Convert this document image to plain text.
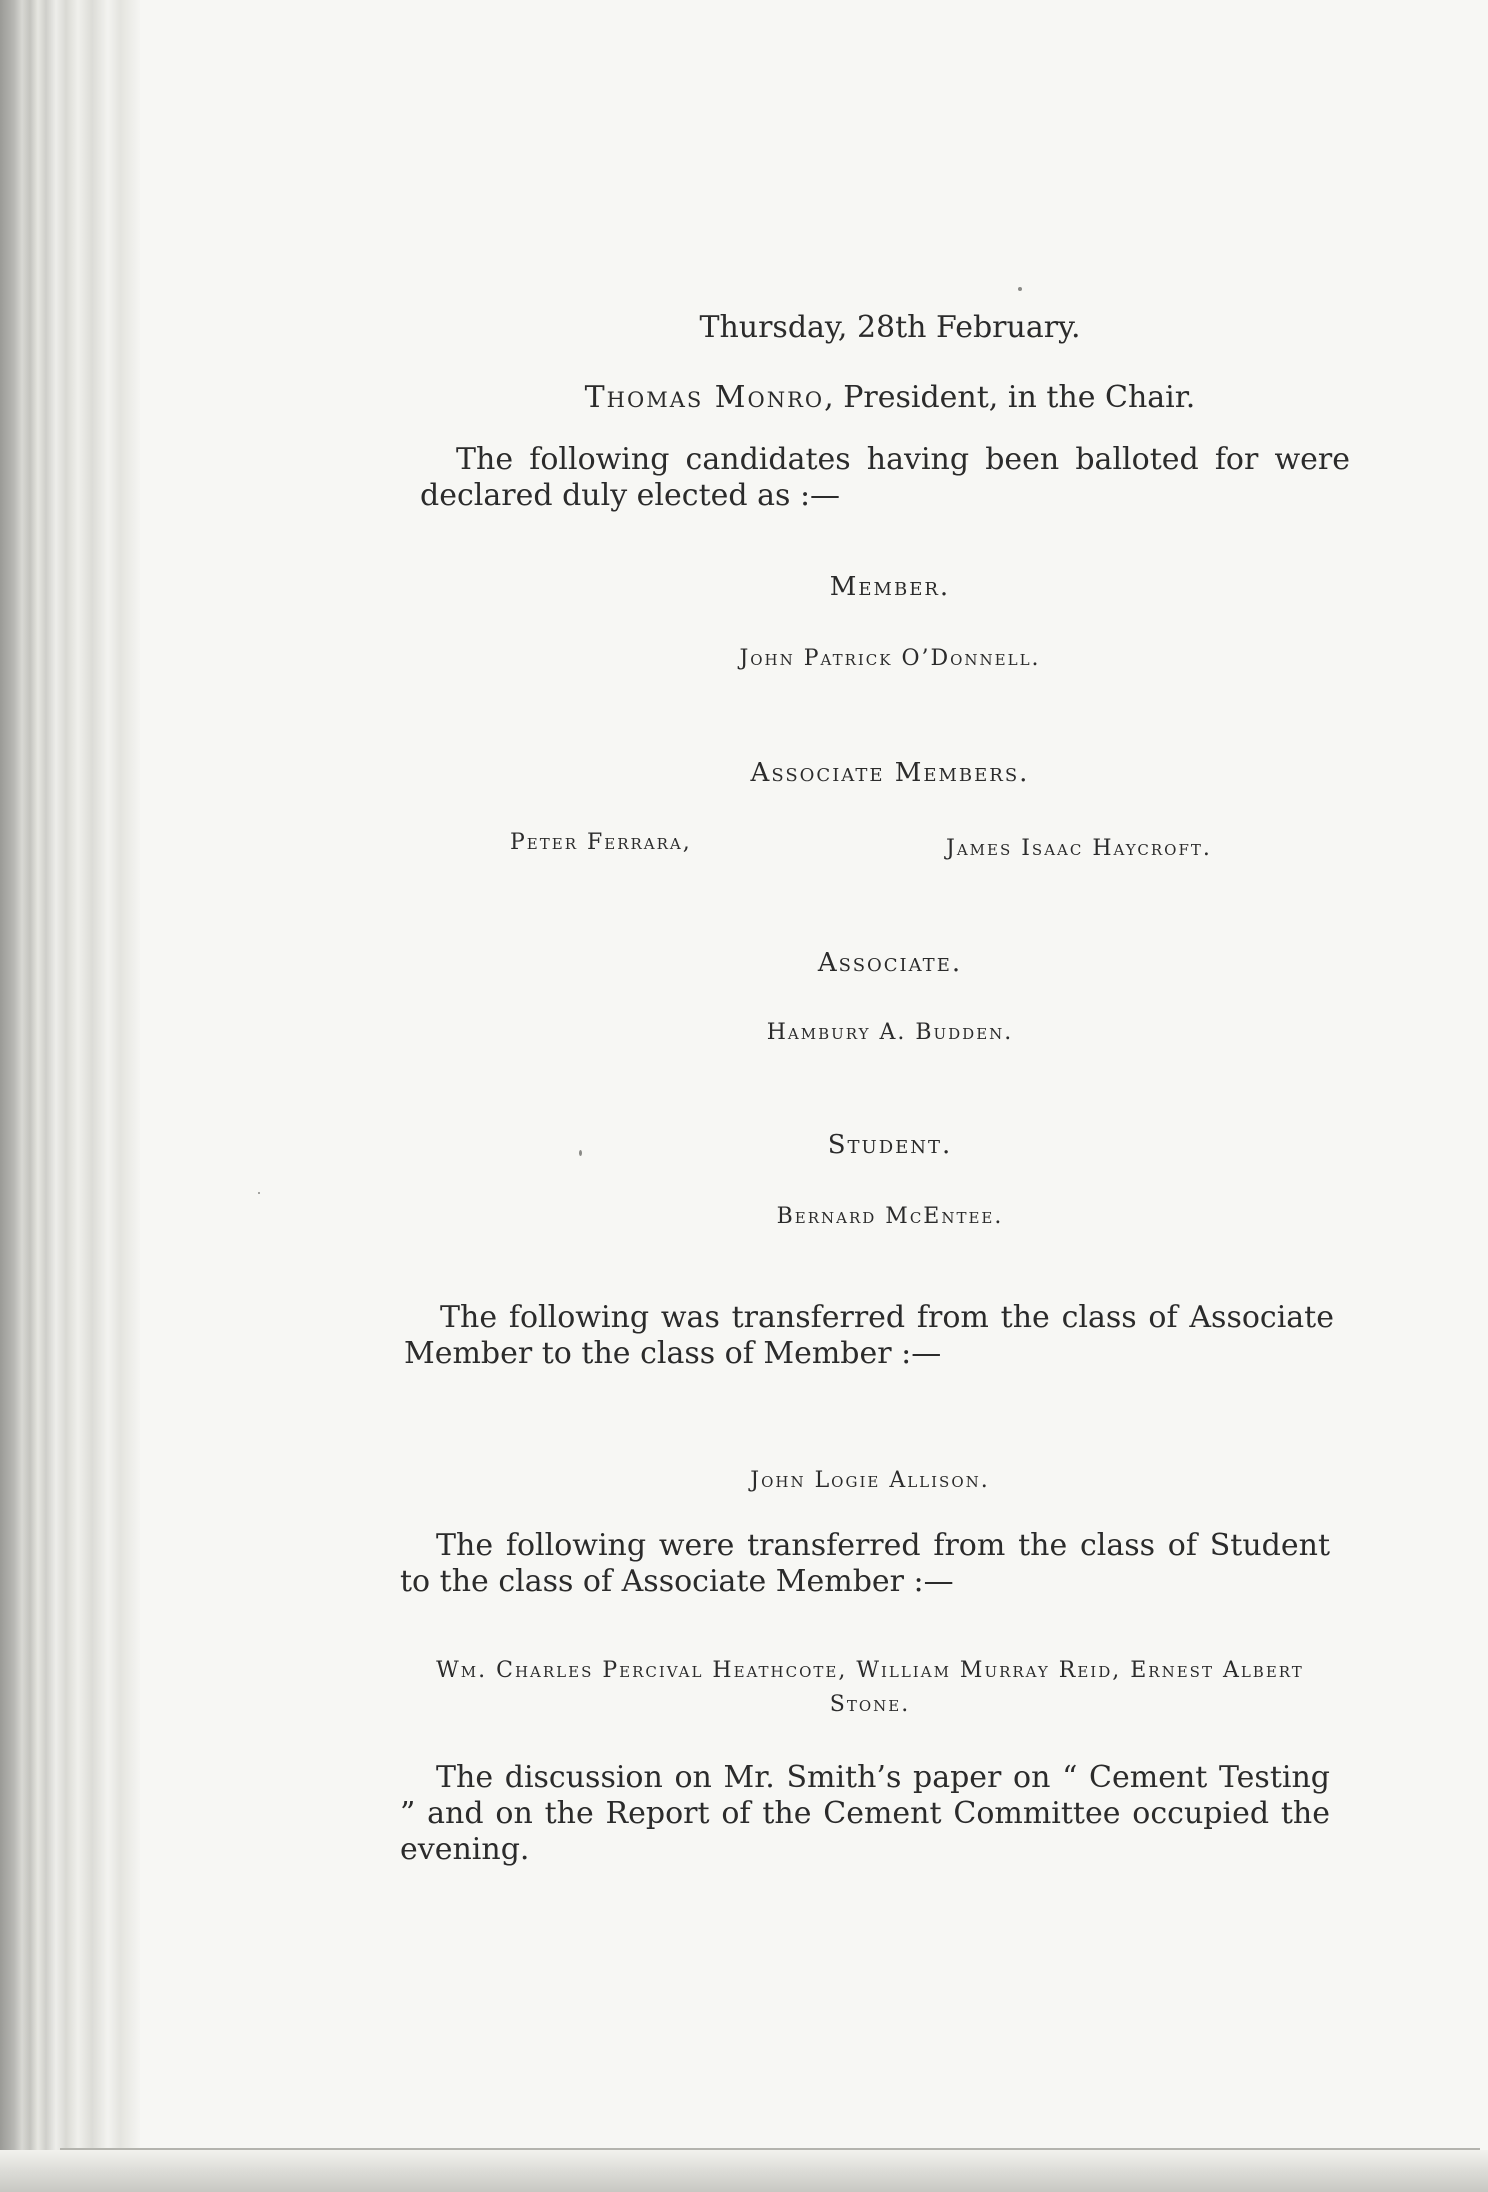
Thursday, 28th February.
Thomas Monro, President, in the Chair.
The following candidates having been balloted for were declared duly elected as :—
Member.
John Patrick O’Donnell.
Associate Members.
Peter Ferrara,	James Isaac Haycroft.
Associate.
Hambury A. Budden.
Student.
Bernard McEntee.
The following was transferred from the class of Associate Member to the class of Member :—
John Logie Allison.
The following were transferred from the class of Student to the class of Associate Member :—
Wm. Charles Percival Heathcote, William Murray Reid, Ernest Albert Stone.
The discussion on Mr. Smith’s paper on “ Cement Testing ” and on the Report of the Cement Committee occupied the evening.
